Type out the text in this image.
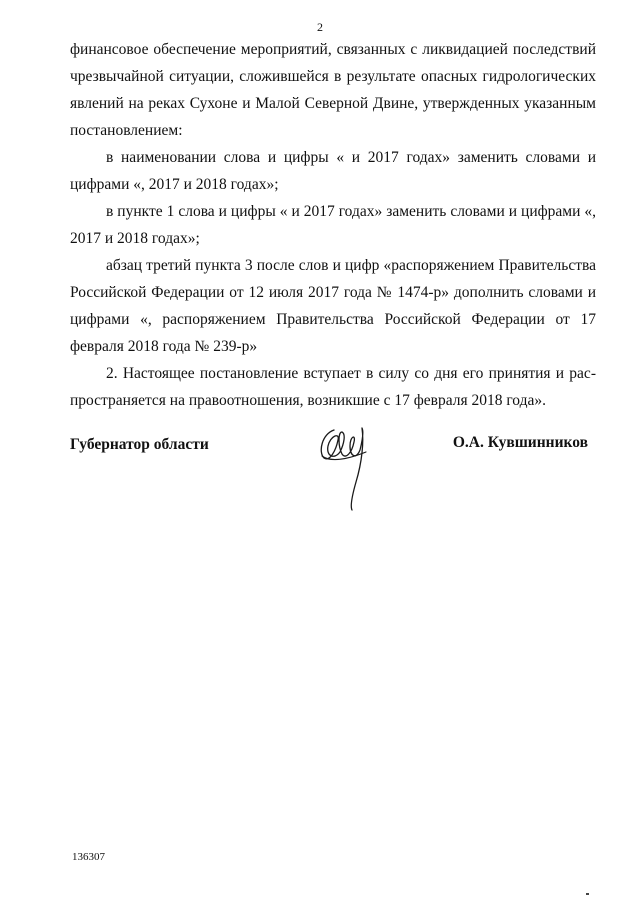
2

финансовое обеспечение мероприятий, связанных с ликвидацией последствий чрезвычайной ситуации, сложившейся в результате опасных гидрологических явлений на реках Сухоне и Малой Северной Двине, утвержденных указанным постановлением:

в наименовании слова и цифры « и 2017 годах» заменить словами и цифрами «, 2017 и 2018 годах»;

в пункте 1 слова и цифры « и 2017 годах» заменить словами и цифрами «, 2017 и 2018 годах»;

абзац третий пункта 3 после слов и цифр «распоряжением Правительства Российской Федерации от 12 июля 2017 года № 1474-р» дополнить словами и цифрами «, распоряжением Правительства Российской Федерации от 17 февраля 2018 года № 239-р»

2. Настоящее постановление вступает в силу со дня его принятия и распространяется на правоотношения, возникшие с 17 февраля 2018 года».

Губернатор области	О.А. Кувшинников
136307
